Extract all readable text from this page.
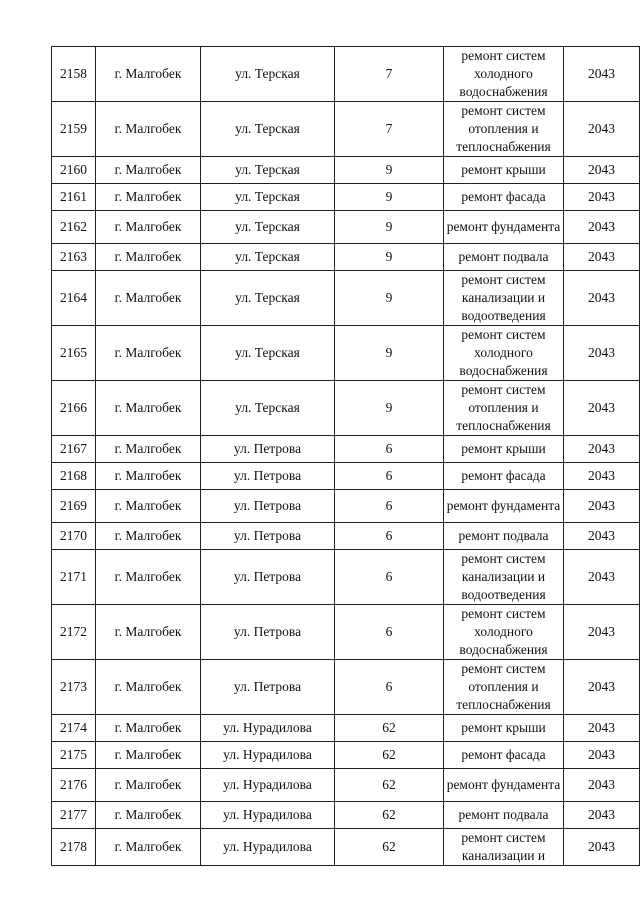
2158	г. Малгобек	ул. Терская	7	ремонт систем холодного водоснабжения	2043
2159	г. Малгобек	ул. Терская	7	ремонт систем отопления и теплоснабжения	2043
2160	г. Малгобек	ул. Терская	9	ремонт крыши	2043
2161	г. Малгобек	ул. Терская	9	ремонт фасада	2043
2162	г. Малгобек	ул. Терская	9	ремонт фундамента	2043
2163	г. Малгобек	ул. Терская	9	ремонт подвала	2043
2164	г. Малгобек	ул. Терская	9	ремонт систем канализации и водоотведения	2043
2165	г. Малгобек	ул. Терская	9	ремонт систем холодного водоснабжения	2043
2166	г. Малгобек	ул. Терская	9	ремонт систем отопления и теплоснабжения	2043
2167	г. Малгобек	ул. Петрова	6	ремонт крыши	2043
2168	г. Малгобек	ул. Петрова	6	ремонт фасада	2043
2169	г. Малгобек	ул. Петрова	6	ремонт фундамента	2043
2170	г. Малгобек	ул. Петрова	6	ремонт подвала	2043
2171	г. Малгобек	ул. Петрова	6	ремонт систем канализации и водоотведения	2043
2172	г. Малгобек	ул. Петрова	6	ремонт систем холодного водоснабжения	2043
2173	г. Малгобек	ул. Петрова	6	ремонт систем отопления и теплоснабжения	2043
2174	г. Малгобек	ул. Нурадилова	62	ремонт крыши	2043
2175	г. Малгобек	ул. Нурадилова	62	ремонт фасада	2043
2176	г. Малгобек	ул. Нурадилова	62	ремонт фундамента	2043
2177	г. Малгобек	ул. Нурадилова	62	ремонт подвала	2043
2178	г. Малгобек	ул. Нурадилова	62	ремонт систем канализации и	2043
